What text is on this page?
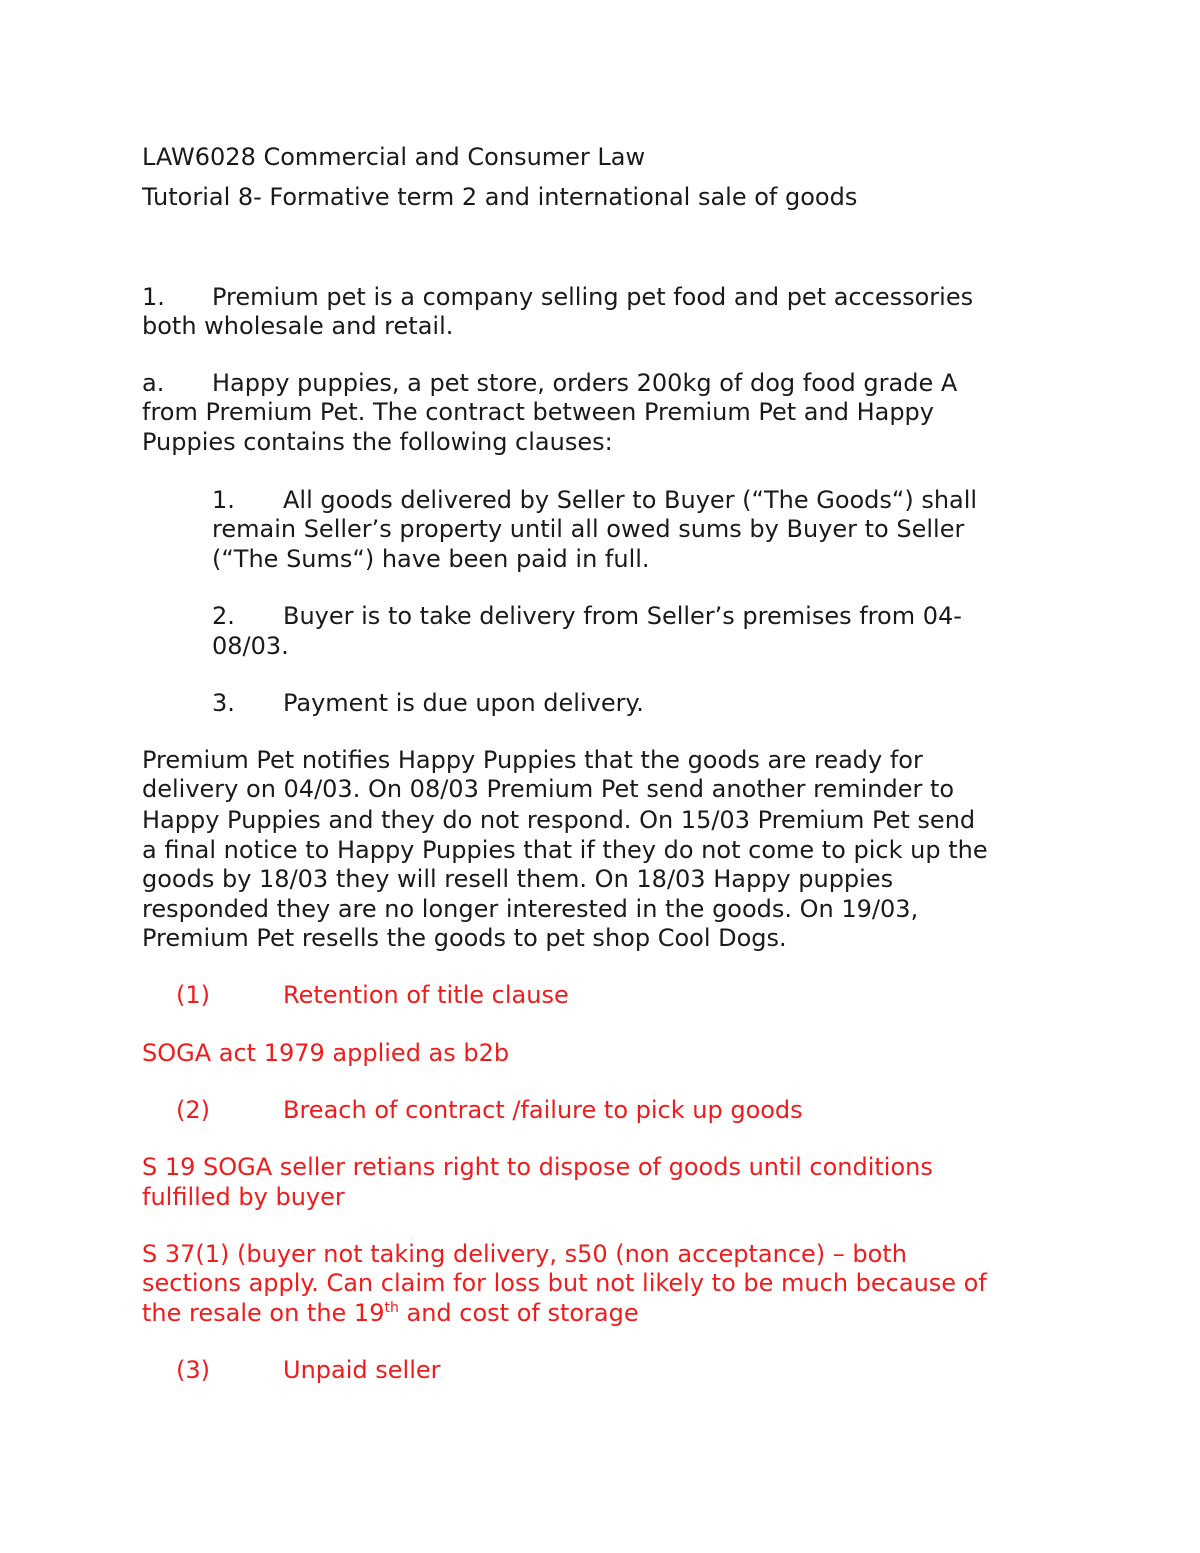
LAW6028 Commercial and Consumer Law
Tutorial 8- Formative term 2 and international sale of goods
1. Premium pet is a company selling pet food and pet accessories
both wholesale and retail.
a. Happy puppies, a pet store, orders 200kg of dog food grade A
from Premium Pet. The contract between Premium Pet and Happy
Puppies contains the following clauses:
1. All goods delivered by Seller to Buyer (“The Goods“) shall
remain Seller’s property until all owed sums by Buyer to Seller
(“The Sums“) have been paid in full.
2. Buyer is to take delivery from Seller’s premises from 04-
08/03.
3. Payment is due upon delivery.
Premium Pet notifies Happy Puppies that the goods are ready for
delivery on 04/03. On 08/03 Premium Pet send another reminder to
Happy Puppies and they do not respond. On 15/03 Premium Pet send
a final notice to Happy Puppies that if they do not come to pick up the
goods by 18/03 they will resell them. On 18/03 Happy puppies
responded they are no longer interested in the goods. On 19/03,
Premium Pet resells the goods to pet shop Cool Dogs.
(1)	Retention of title clause
SOGA act 1979 applied as b2b
(2)	Breach of contract /failure to pick up goods
S 19 SOGA seller retians right to dispose of goods until conditions
fulfilled by buyer
S 37(1) (buyer not taking delivery, s50 (non acceptance) – both
sections apply. Can claim for loss but not likely to be much because of
the resale on the 19th and cost of storage
(3)	Unpaid seller
